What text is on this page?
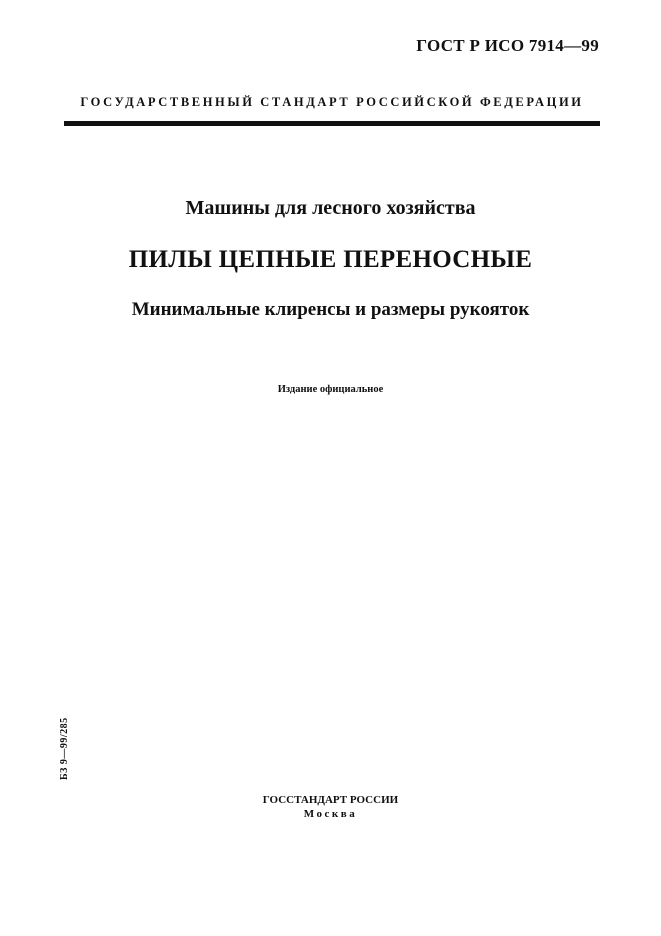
ГОСТ Р ИСО 7914—99
ГОСУДАРСТВЕННЫЙ СТАНДАРТ РОССИЙСКОЙ ФЕДЕРАЦИИ
Машины для лесного хозяйства
ПИЛЫ ЦЕПНЫЕ ПЕРЕНОСНЫЕ
Минимальные клиренсы и размеры рукояток
Издание официальное
БЗ 9—99/285
ГОССТАНДАРТ РОССИИ
Москва
